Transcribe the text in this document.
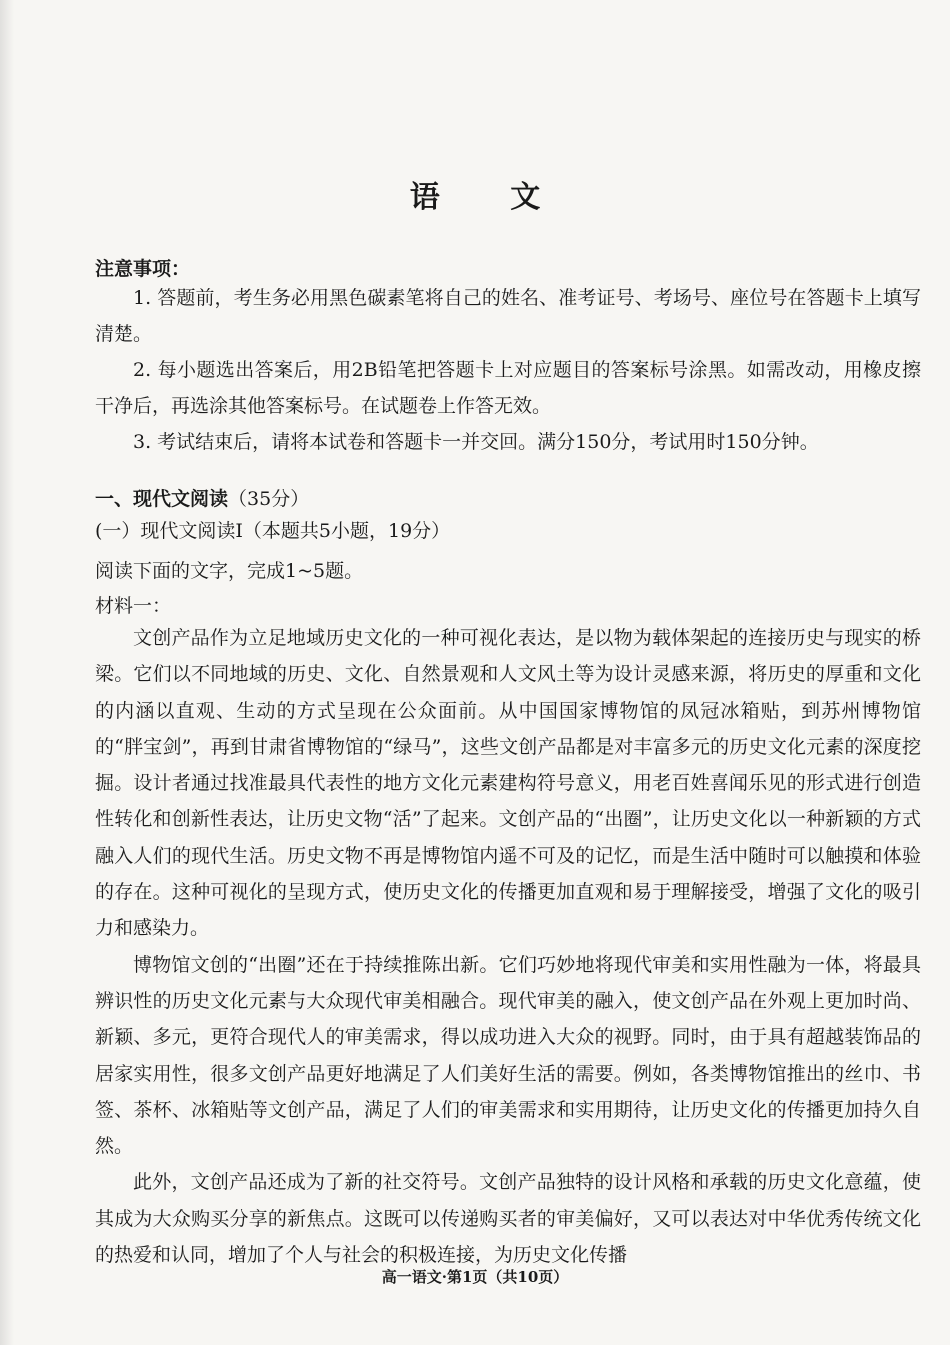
语 文
注意事项：

1. 答题前，考生务必用黑色碳素笔将自己的姓名、准考证号、考场号、座位号在答题卡上填写清楚。

2. 每小题选出答案后，用2B铅笔把答题卡上对应题目的答案标号涂黑。如需改动，用橡皮擦干净后，再选涂其他答案标号。在试题卷上作答无效。

3. 考试结束后，请将本试卷和答题卡一并交回。满分150分，考试用时150分钟。

一、现代文阅读（35分）
(一）现代文阅读Ⅰ（本题共5小题，19分）
阅读下面的文字，完成1~5题。
材料一：

文创产品作为立足地域历史文化的一种可视化表达，是以物为载体架起的连接历史与现实的桥梁。它们以不同地域的历史、文化、自然景观和人文风土等为设计灵感来源，将历史的厚重和文化的内涵以直观、生动的方式呈现在公众面前。从中国国家博物馆的凤冠冰箱贴，到苏州博物馆的“胖宝剑”，再到甘肃省博物馆的“绿马”，这些文创产品都是对丰富多元的历史文化元素的深度挖掘。设计者通过找准最具代表性的地方文化元素建构符号意义，用老百姓喜闻乐见的形式进行创造性转化和创新性表达，让历史文物“活”了起来。文创产品的“出圈”，让历史文化以一种新颖的方式融入人们的现代生活。历史文物不再是博物馆内遥不可及的记忆，而是生活中随时可以触摸和体验的存在。这种可视化的呈现方式，使历史文化的传播更加直观和易于理解接受，增强了文化的吸引力和感染力。

博物馆文创的“出圈”还在于持续推陈出新。它们巧妙地将现代审美和实用性融为一体，将最具辨识性的历史文化元素与大众现代审美相融合。现代审美的融入，使文创产品在外观上更加时尚、新颖、多元，更符合现代人的审美需求，得以成功进入大众的视野。同时，由于具有超越装饰品的居家实用性，很多文创产品更好地满足了人们美好生活的需要。例如，各类博物馆推出的丝巾、书签、茶杯、冰箱贴等文创产品，满足了人们的审美需求和实用期待，让历史文化的传播更加持久自然。

此外，文创产品还成为了新的社交符号。文创产品独特的设计风格和承载的历史文化意蕴，使其成为大众购买分享的新焦点。这既可以传递购买者的审美偏好，又可以表达对中华优秀传统文化的热爱和认同，增加了个人与社会的积极连接，为历史文化传播

高一语文·第1页（共10页）
